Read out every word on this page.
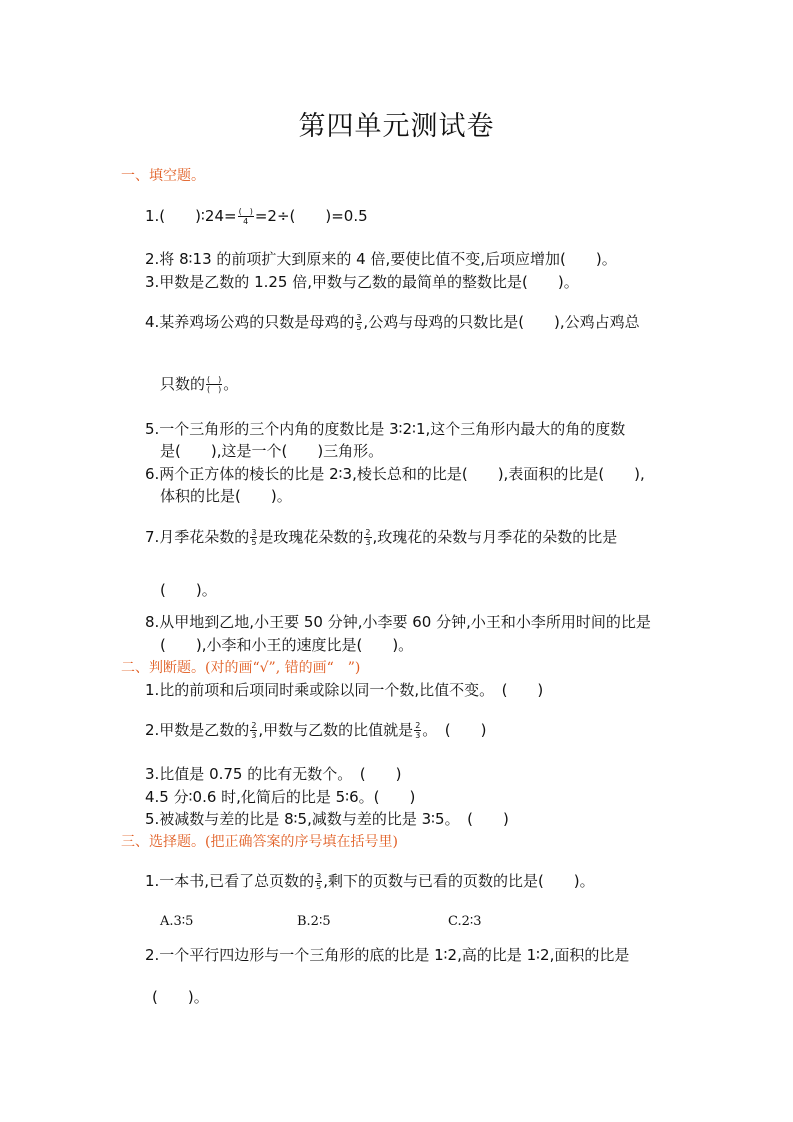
第四单元测试卷
一、填空题。
1.(　　)∶24= $\frac{( )}{4} =2\div$(　　)=0.5
2.将 8∶13 的前项扩大到原来的 4 倍,要使比值不变,后项应增加(　　)。
3.甲数是乙数的 1.25 倍,甲数与乙数的最简单的整数比是(　　)。
4.某养鸡场公鸡的只数是母鸡的 $\frac{3}{5}$ ,公鸡与母鸡的只数比是(　　),公鸡占鸡总
只数的 $\frac{( )}{( )}$ 。
5.一个三角形的三个内角的度数比是 3∶2∶1,这个三角形内最大的角的度数
是(　　),这是一个(　　)三角形。
6.两个正方体的棱长的比是 2∶3,棱长总和的比是(　　),表面积的比是(　　),
体积的比是(　　)。
7.月季花朵数的 $\frac{3}{5}$ 是玫瑰花朵数的 $\frac{2}{3}$ ,玫瑰花的朵数与月季花的朵数的比是
(　　)。
8.从甲地到乙地,小王要 50 分钟,小李要 60 分钟,小王和小李所用时间的比是
(　　),小李和小王的速度比是(　　)。
二、判断题。(对的画“√”, 错的画“　”)
1.比的前项和后项同时乘或除以同一个数,比值不变。　(　　)
2.甲数是乙数的 $\frac{2}{3}$ ,甲数与乙数的比值就是 $\frac{2}{3}$ 。　(　　)
3.比值是 0.75 的比有无数个。　(　　)
4.5 分∶0.6 时,化简后的比是 5∶6。(　　)
5.被减数与差的比是 8∶5,减数与差的比是 3∶5。　(　　)
三、选择题。(把正确答案的序号填在括号里)
1.一本书,已看了总页数的 $\frac{3}{5}$ ,剩下的页数与已看的页数的比是(　　)。
A.3∶5	B.2∶5	C.2∶3
2.一个平行四边形与一个三角形的底的比是 1∶2,高的比是 1∶2,面积的比是
(　　)。
